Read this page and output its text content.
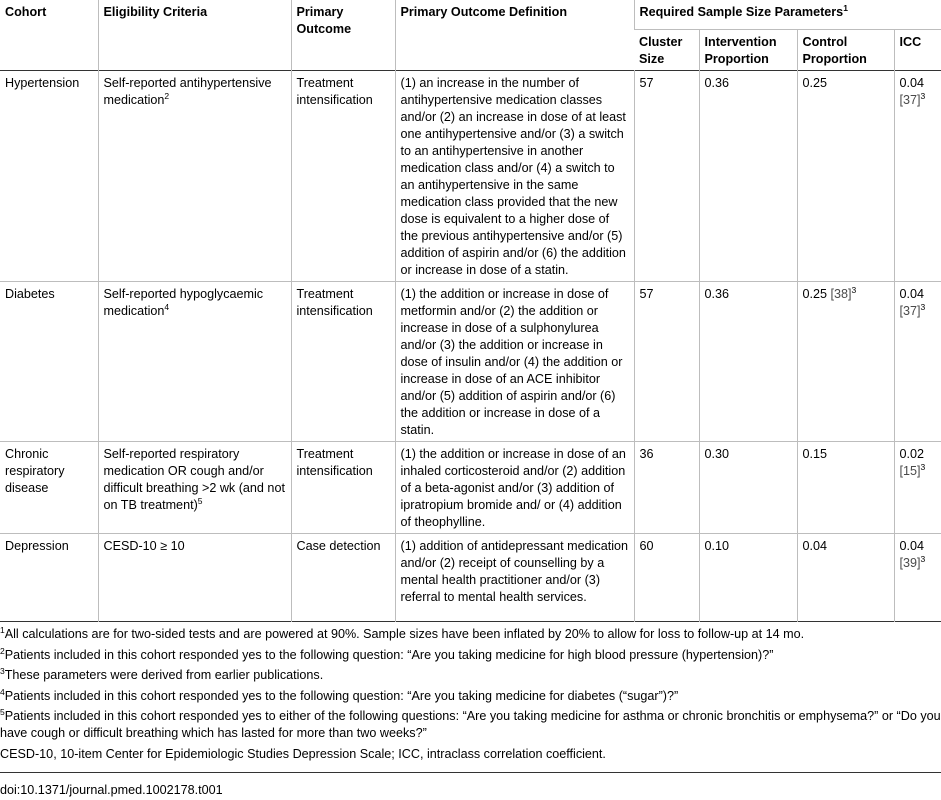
Cohort	Eligibility Criteria	Primary Outcome	Primary Outcome Definition	Required Sample Size Parameters$^1$
				Cluster Size	Intervention Proportion	Control Proportion	ICC
Hypertension	Self-reported antihypertensive medication$^2$	Treatment intensification	(1) an increase in the number of antihypertensive medication classes and/or (2) an increase in dose of at least one antihypertensive and/or (3) a switch to an antihypertensive in another medication class and/or (4) a switch to an antihypertensive in the same medication class provided that the new dose is equivalent to a higher dose of the previous antihypertensive and/or (5) addition of aspirin and/or (6) the addition or increase in dose of a statin.	57	0.36	0.25	0.04 $[37]^3$
Diabetes	Self-reported hypoglycaemic medication$^4$	Treatment intensification	(1) the addition or increase in dose of metformin and/or (2) the addition or increase in dose of a sulphonylurea and/or (3) the addition or increase in dose of insulin and/or (4) the addition or increase in dose of an ACE inhibitor and/or (5) addition of aspirin and/or (6) the addition or increase in dose of a statin.	57	0.36	0.25 $[38]^3$	0.04 $[37]^3$
Chronic respiratory disease	Self-reported respiratory medication OR cough and/or difficult breathing >2 wk (and not on TB treatment)$^5$	Treatment intensification	(1) the addition or increase in dose of an inhaled corticosteroid and/or (2) addition of a beta-agonist and/or (3) addition of ipratropium bromide and/ or (4) addition of theophylline.	36	0.30	0.15	0.02 $[15]^3$
Depression	CESD-10 ≥ 10	Case detection	(1) addition of antidepressant medication and/or (2) receipt of counselling by a mental health practitioner and/or (3) referral to mental health services.	60	0.10	0.04	0.04 $[39]^3$

$^1$All calculations are for two-sided tests and are powered at 90%. Sample sizes have been inflated by 20% to allow for loss to follow-up at 14 mo.

$^2$Patients included in this cohort responded yes to the following question: “Are you taking medicine for high blood pressure (hypertension)?”

$^3$These parameters were derived from earlier publications.

$^4$Patients included in this cohort responded yes to the following question: “Are you taking medicine for diabetes (“sugar”)?”

$^5$Patients included in this cohort responded yes to either of the following questions: “Are you taking medicine for asthma or chronic bronchitis or emphysema?” or “Do you have cough or difficult breathing which has lasted for more than two weeks?”

CESD-10, 10-item Center for Epidemiologic Studies Depression Scale; ICC, intraclass correlation coefficient.

doi:10.1371/journal.pmed.1002178.t001
